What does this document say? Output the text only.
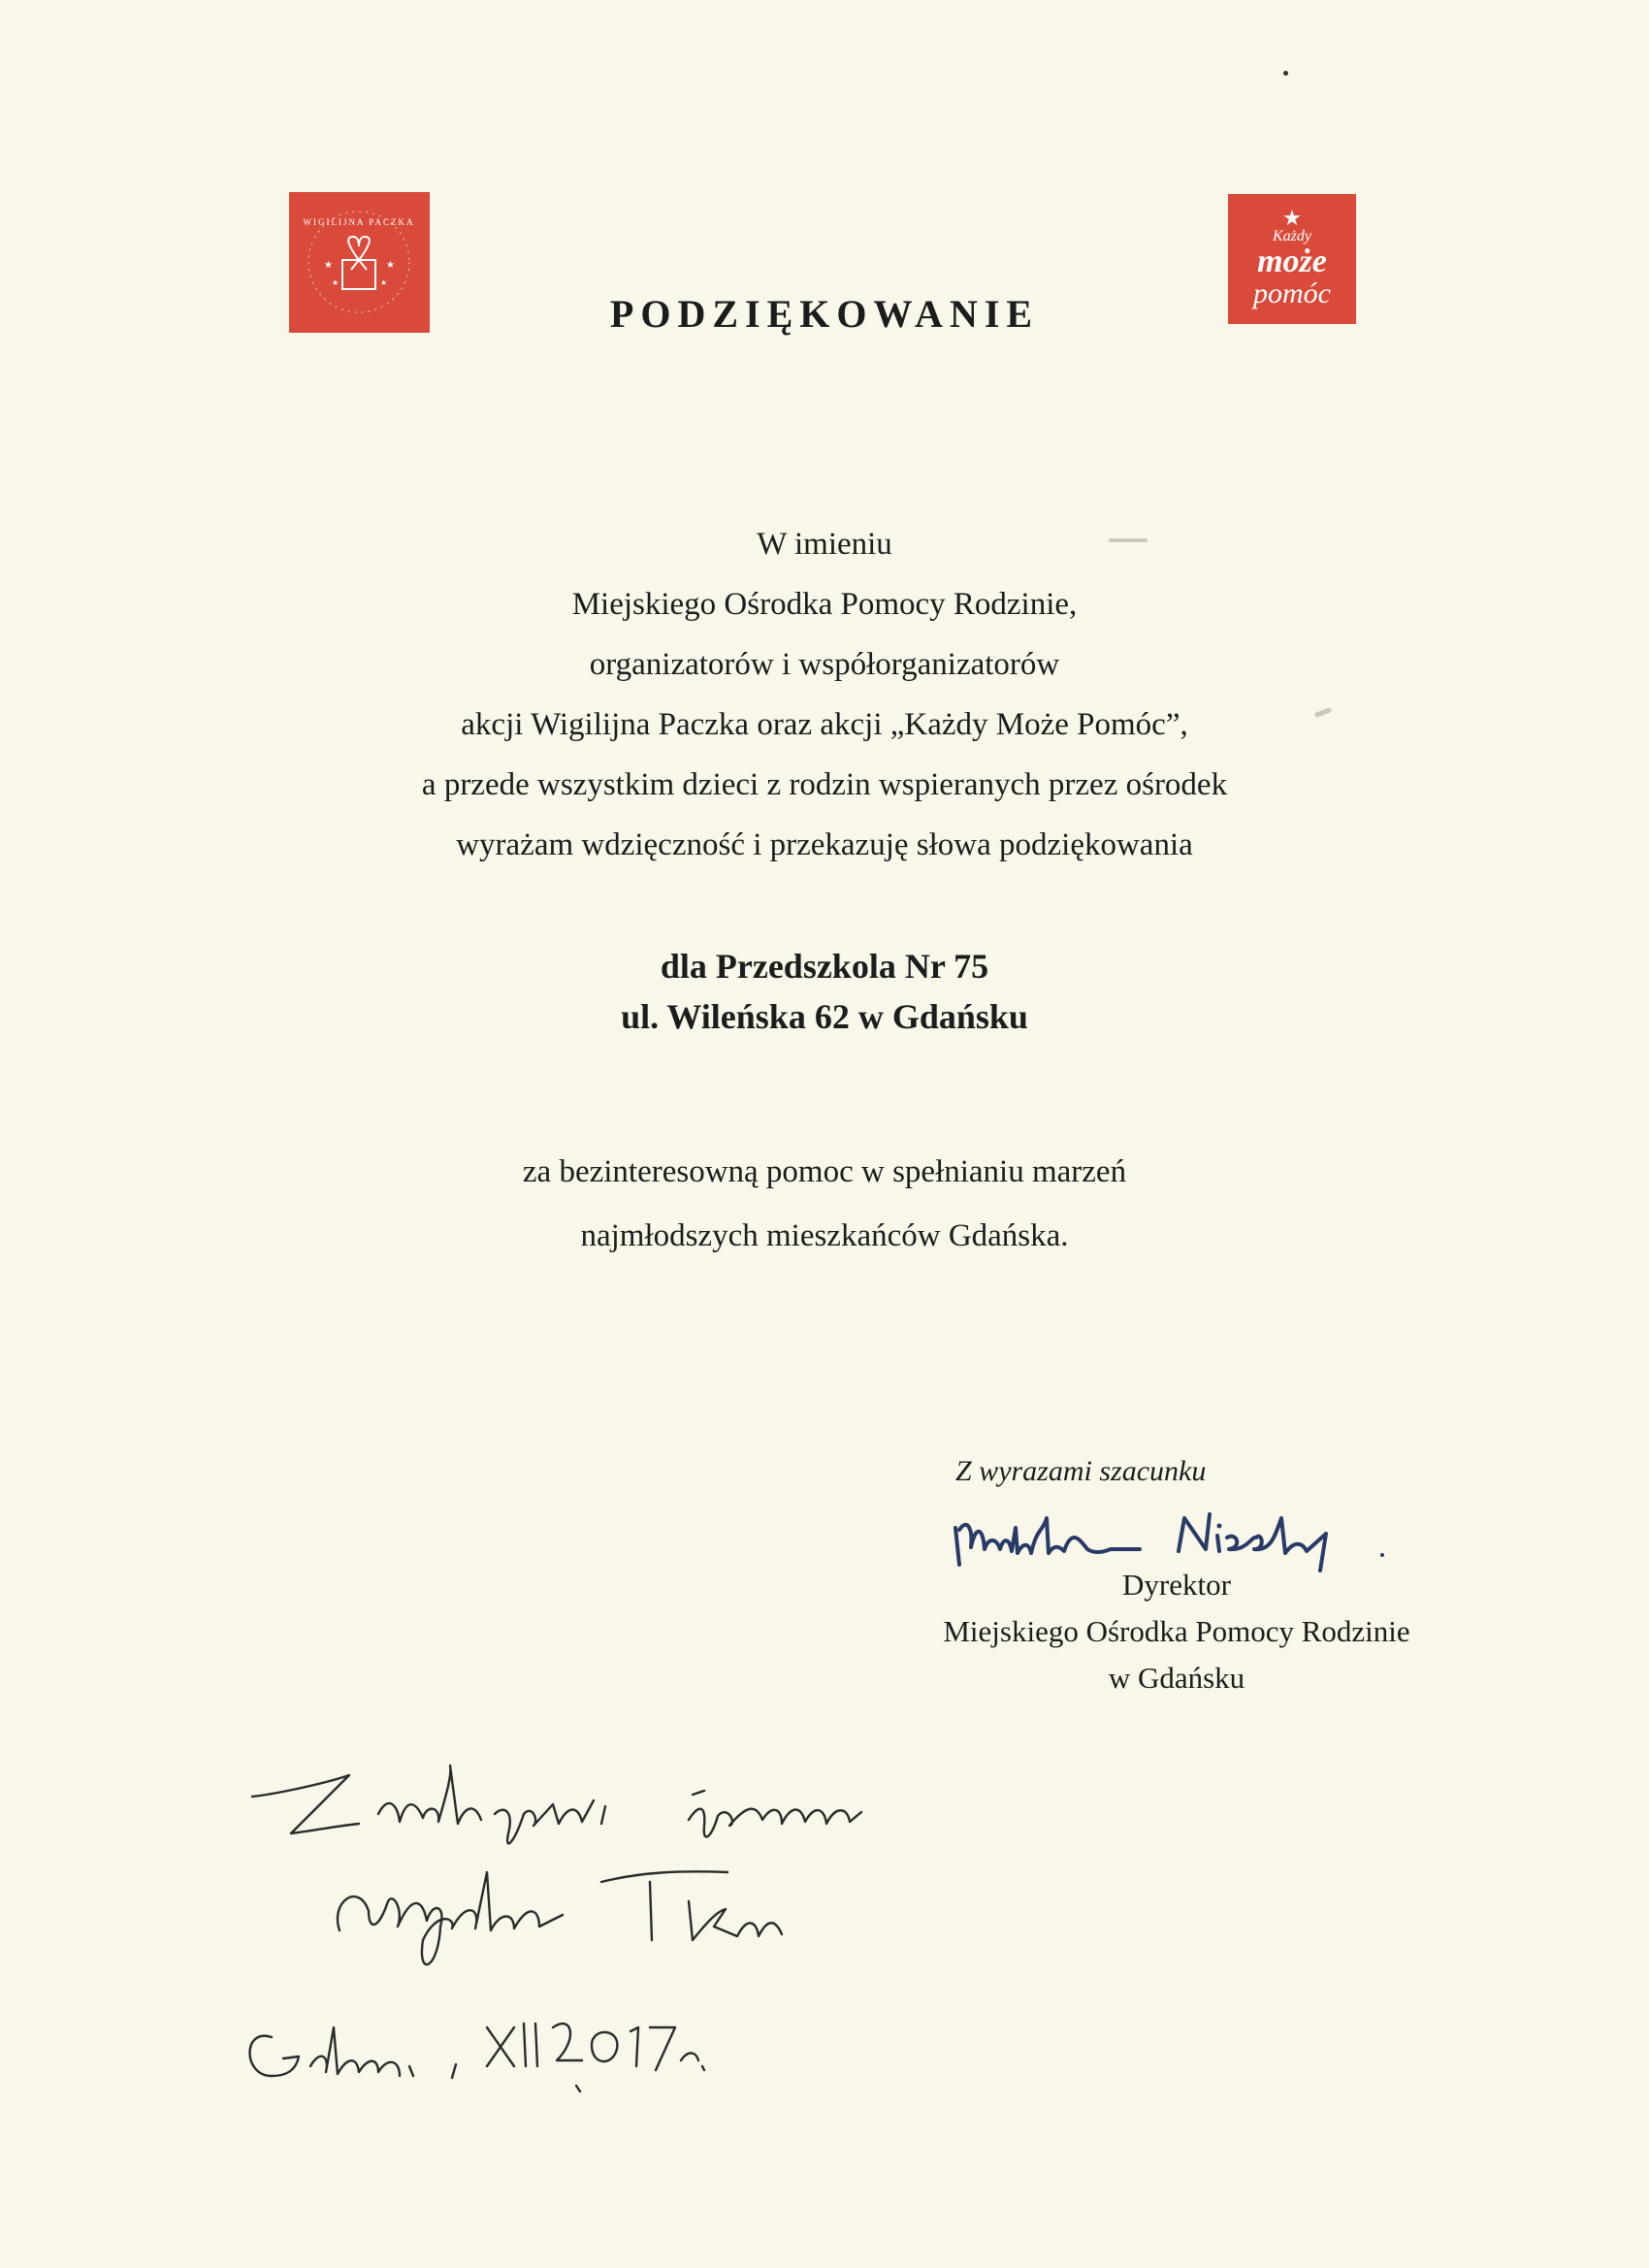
WIGILIJNA PACZKA
★	★
★	★
★
Każdy
może
pomóc
PODZIĘKOWANIE
W imieniu
Miejskiego Ośrodka Pomocy Rodzinie,
organizatorów i współorganizatorów
akcji Wigilijna Paczka oraz akcji „Każdy Może Pomóc”,
a przede wszystkim dzieci z rodzin wspieranych przez ośrodek
wyrażam wdzięczność i przekazuję słowa podziękowania
dla Przedszkola Nr 75
ul. Wileńska 62 w Gdańsku
za bezinteresowną pomoc w spełnianiu marzeń
najmłodszych mieszkańców Gdańska.
Z wyrazami szacunku
Dyrektor
Miejskiego Ośrodka Pomocy Rodzinie
w Gdańsku
